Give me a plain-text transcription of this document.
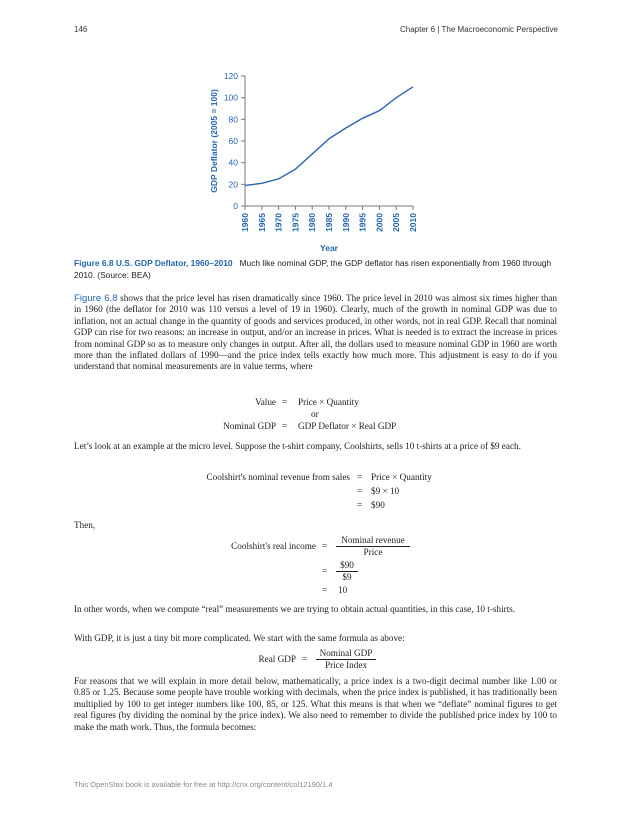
146	Chapter 6 | The Macroeconomic Perspective
0
20
40
60
80
100
120
1960 1965 1970 1975 1980 1985 1990 1995 2000 2005 2010
Year
GDP Deflator (2005 = 100)
Figure 6.8 U.S. GDP Deflator, 1960–2010 Much like nominal GDP, the GDP deflator has risen exponentially from 1960 through 2010. (Source: BEA)

Figure 6.8 shows that the price level has risen dramatically since 1960. The price level in 2010 was almost six times higher than in 1960 (the deflator for 2010 was 110 versus a level of 19 in 1960). Clearly, much of the growth in nominal GDP was due to inflation, not an actual change in the quantity of goods and services produced, in other words, not in real GDP. Recall that nominal GDP can rise for two reasons: an increase in output, and/or an increase in prices. What is needed is to extract the increase in prices from nominal GDP so as to measure only changes in output. After all, the dollars used to measure nominal GDP in 1960 are worth more than the inflated dollars of 1990—and the price index tells exactly how much more. This adjustment is easy to do if you understand that nominal measurements are in value terms, where

Value = Price × Quantity
or
Nominal GDP = GDP Deflator × Real GDP

Let’s look at an example at the micro level. Suppose the t-shirt company, Coolshirts, sells 10 t-shirts at a price of $9 each.

Coolshirt's nominal revenue from sales = Price × Quantity
= $9 × 10
= $90

Then,

Coolshirt's real income =
Nominal revenue
Price
= $\frac{\$90}{\$9}$
= 10

In other words, when we compute “real” measurements we are trying to obtain actual quantities, in this case, 10 t-shirts.

With GDP, it is just a tiny bit more complicated. We start with the same formula as above:

Real GDP =
Nominal GDP
Price Index

For reasons that we will explain in more detail below, mathematically, a price index is a two-digit decimal number like 1.00 or 0.85 or 1.25. Because some people have trouble working with decimals, when the price index is published, it has traditionally been multiplied by 100 to get integer numbers like 100, 85, or 125. What this means is that when we “deflate” nominal figures to get real figures (by dividing the nominal by the price index). We also need to remember to divide the published price index by 100 to make the math work. Thus, the formula becomes:

This OpenStax book is available for free at http://cnx.org/content/col12190/1.4
